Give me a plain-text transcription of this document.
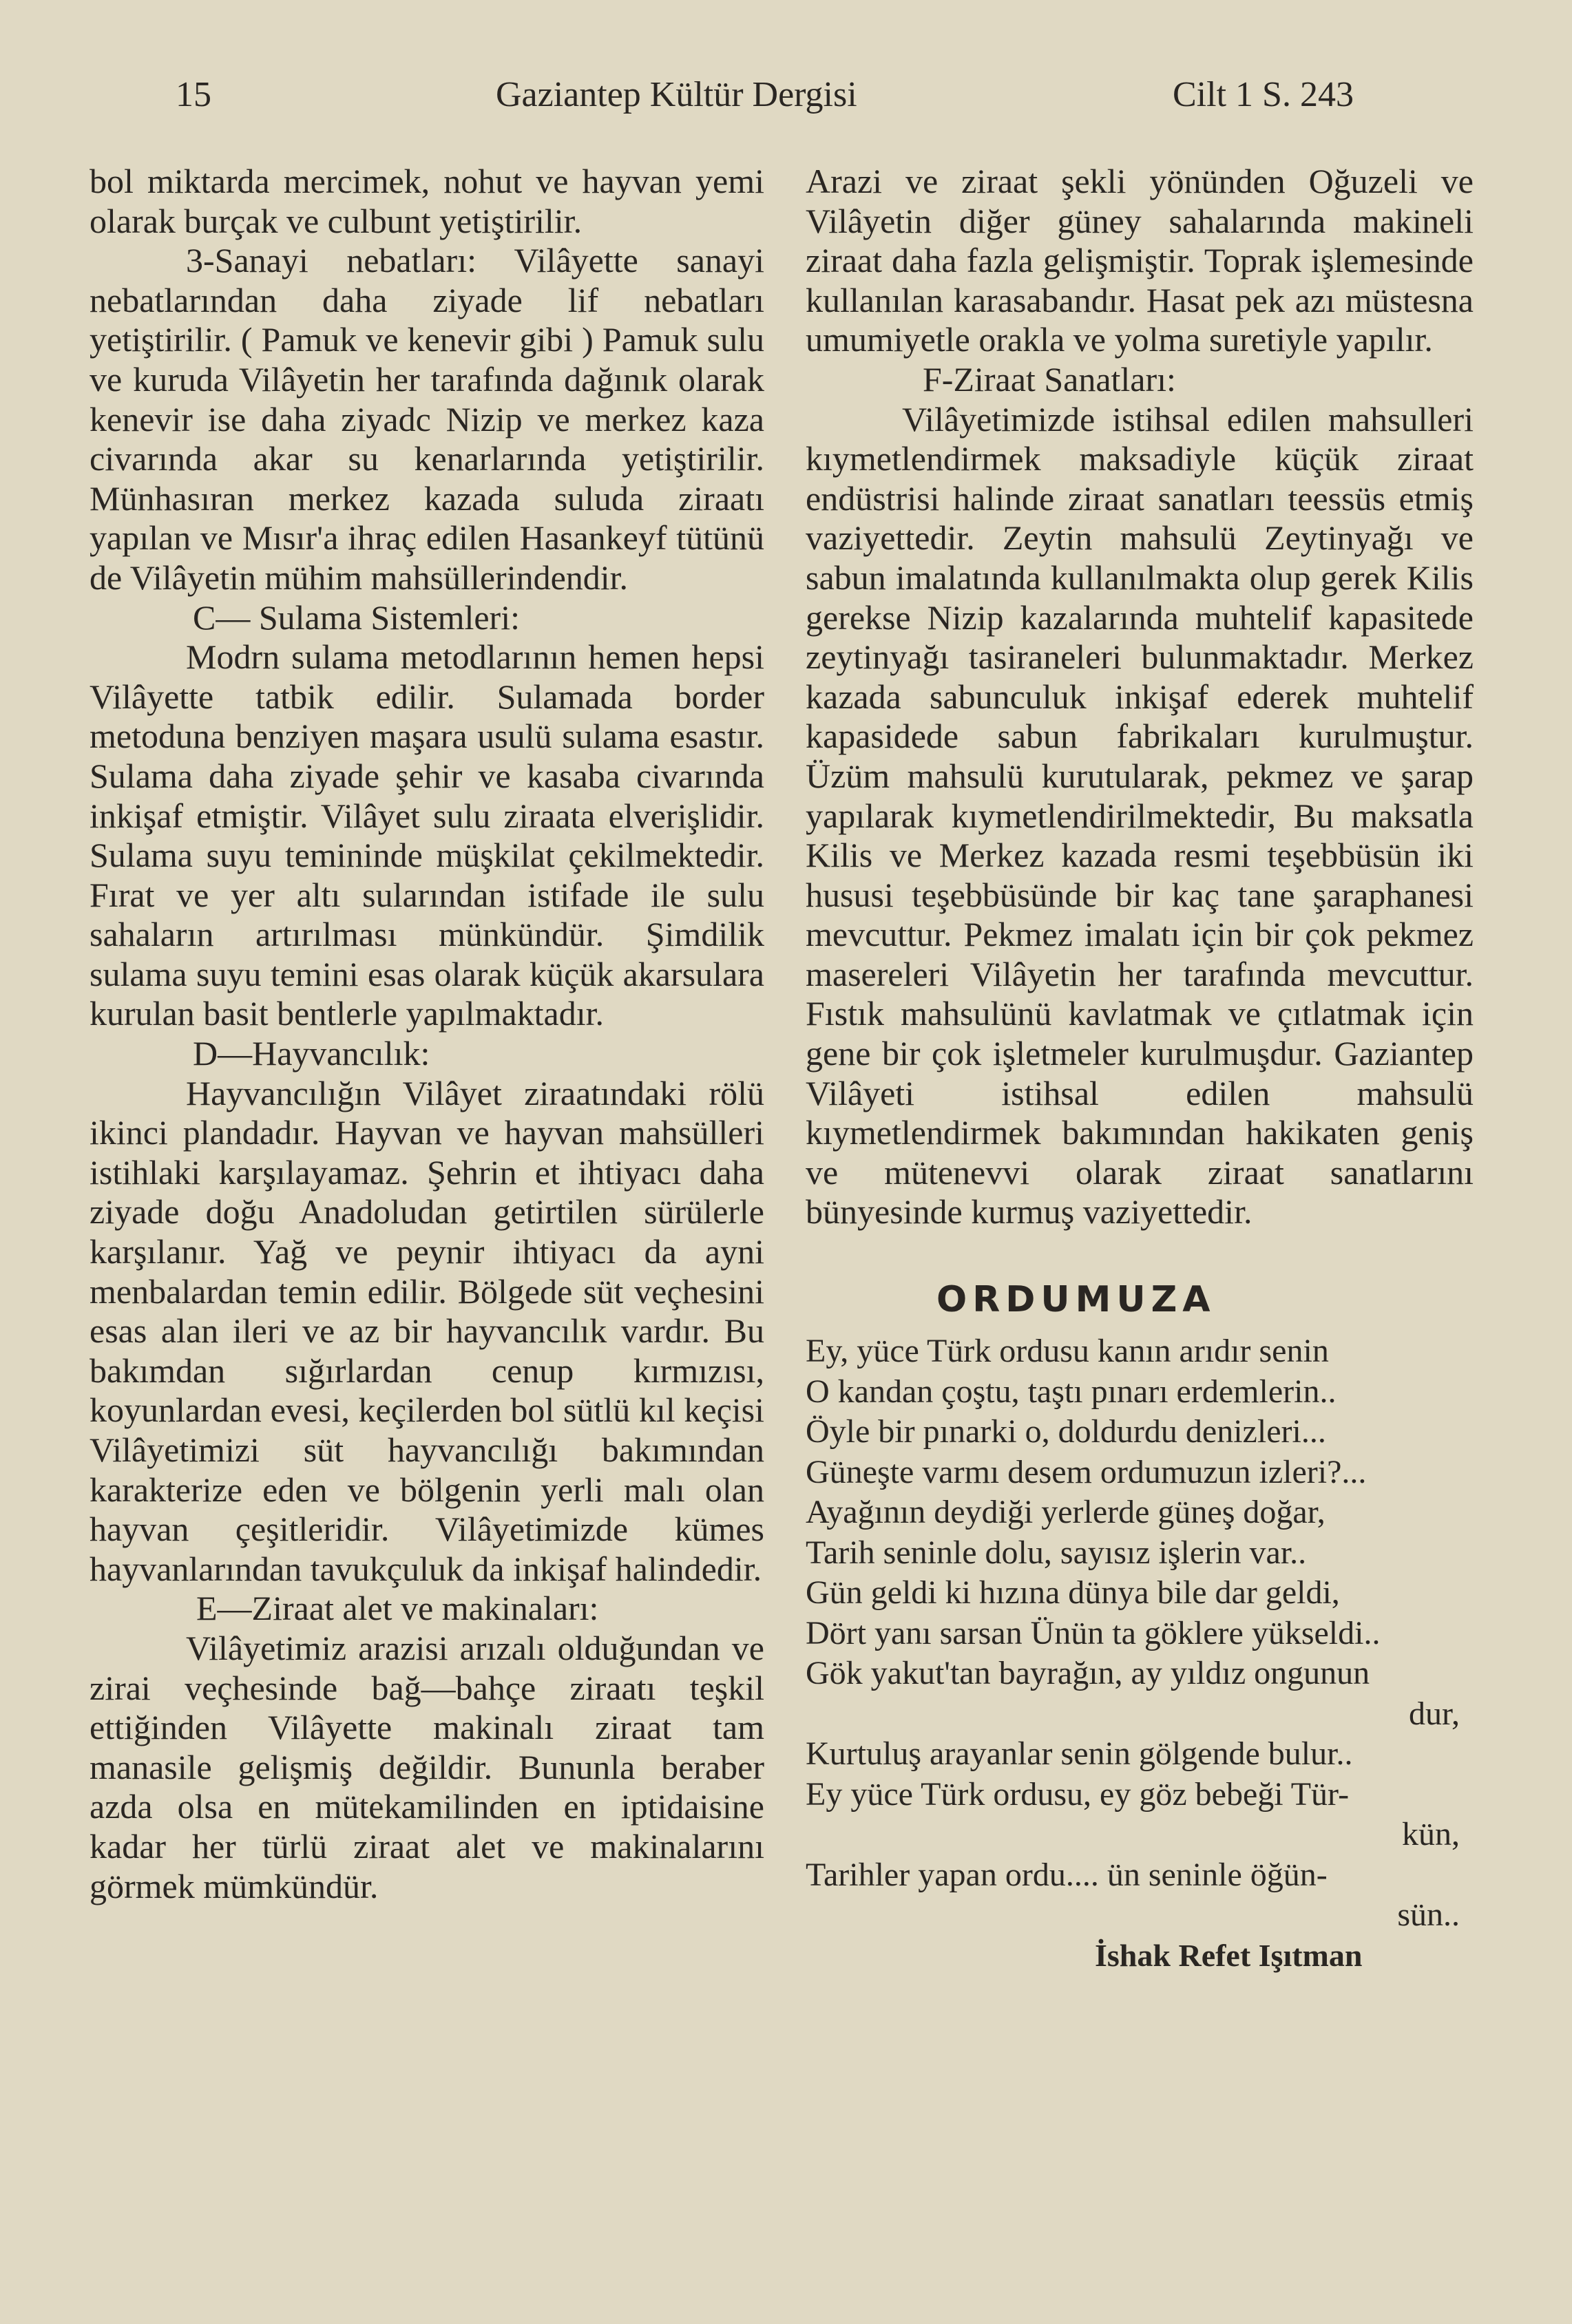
15	Gaziantep Kültür Dergisi	Cilt 1 S. 243

bol miktarda mercimek, nohut ve hayvan yemi olarak burçak ve culbunt yetiştirilir.

3-Sanayi nebatları: Vilâyette sanayi nebatlarından daha ziyade lif nebatları yetiştirilir. ( Pamuk ve kenevir gibi ) Pamuk sulu ve kuruda Vilâyetin her tarafında dağınık olarak kenevir ise daha ziyadc Nizip ve merkez kaza civarında akar su kenarlarında yetiştirilir. Münhasıran merkez kazada suluda ziraatı yapılan ve Mısır'a ihraç edilen Hasankeyf tütünü de Vilâyetin mühim mahsüllerindendir.

C— Sulama Sistemleri:

Modrn sulama metodlarının hemen hepsi Vilâyette tatbik edilir. Sulamada border metoduna benziyen maşara usulü sulama esastır. Sulama daha ziyade şehir ve kasaba civarında inkişaf etmiştir. Vilâyet sulu ziraata elverişlidir. Sulama suyu temininde müşkilat çekilmektedir. Fırat ve yer altı sularından istifade ile sulu sahaların artırılması münkündür. Şimdilik sulama suyu temini esas olarak küçük akarsulara kurulan basit bentlerle yapılmaktadır.

D—Hayvancılık:

Hayvancılığın Vilâyet ziraatındaki rölü ikinci plandadır. Hayvan ve hayvan mahsülleri istihlaki karşılayamaz. Şehrin et ihtiyacı daha ziyade doğu Anadoludan getirtilen sürülerle karşılanır. Yağ ve peynir ihtiyacı da ayni menbalardan temin edilir. Bölgede süt veçhesini esas alan ileri ve az bir hayvancılık vardır. Bu bakımdan sığırlardan cenup kırmızısı, koyunlardan evesi, keçilerden bol sütlü kıl keçisi Vilâyetimizi süt hayvancılığı bakımından karakterize eden ve bölgenin yerli malı olan hayvan çeşitleridir. Vilâyetimizde kümes hayvanlarından tavukçuluk da inkişaf halindedir.

E—Ziraat alet ve makinaları:

Vilâyetimiz arazisi arızalı olduğundan ve zirai veçhesinde bağ—bahçe ziraatı teşkil ettiğinden Vilâyette makinalı ziraat tam manasile gelişmiş değildir. Bununla beraber azda olsa en mütekamilinden en iptidaisine kadar her türlü ziraat alet ve makinalarını görmek mümkündür.

Arazi ve ziraat şekli yönünden Oğuzeli ve Vilâyetin diğer güney sahalarında makineli ziraat daha fazla gelişmiştir. Toprak işlemesinde kullanılan karasabandır. Hasat pek azı müstesna umumiyetle orakla ve yolma suretiyle yapılır.

F-Ziraat Sanatları:

Vilâyetimizde istihsal edilen mahsulleri kıymetlendirmek maksadiyle küçük ziraat endüstrisi halinde ziraat sanatları teessüs etmiş vaziyettedir. Zeytin mahsulü Zeytinyağı ve sabun imalatında kullanılmakta olup gerek Kilis gerekse Nizip kazalarında muhtelif kapasitede zeytinyağı tasiraneleri bulunmaktadır. Merkez kazada sabunculuk inkişaf ederek muhtelif kapasidede sabun fabrikaları kurulmuştur. Üzüm mahsulü kurutularak, pekmez ve şarap yapılarak kıymetlendirilmektedir, Bu maksatla Kilis ve Merkez kazada resmi teşebbüsün iki hususi teşebbüsünde bir kaç tane şaraphanesi mevcuttur. Pekmez imalatı için bir çok pekmez masereleri Vilâyetin her tarafında mevcuttur. Fıstık mahsulünü kavlatmak ve çıtlatmak için gene bir çok işletmeler kurulmuşdur. Gaziantep Vilâyeti istihsal edilen mahsulü kıymetlendirmek bakımından hakikaten geniş ve mütenevvi olarak ziraat sanatlarını bünyesinde kurmuş vaziyettedir.

ORDUMUZA
Ey, yüce Türk ordusu kanın arıdır senin
O kandan çoştu, taştı pınarı erdemlerin..
Öyle bir pınarki o, doldurdu denizleri...
Güneşte varmı desem ordumuzun izleri?...
Ayağının deydiği yerlerde güneş doğar,
Tarih seninle dolu, sayısız işlerin var..
Gün geldi ki hızına dünya bile dar geldi,
Dört yanı sarsan Ünün ta göklere yükseldi..
Gök yakut'tan bayrağın, ay yıldız ongunun
dur,
Kurtuluş arayanlar senin gölgende bulur..
Ey yüce Türk ordusu, ey göz bebeği Tür-
kün,
Tarihler yapan ordu.... ün seninle öğün-
sün..
İshak Refet Işıtman
